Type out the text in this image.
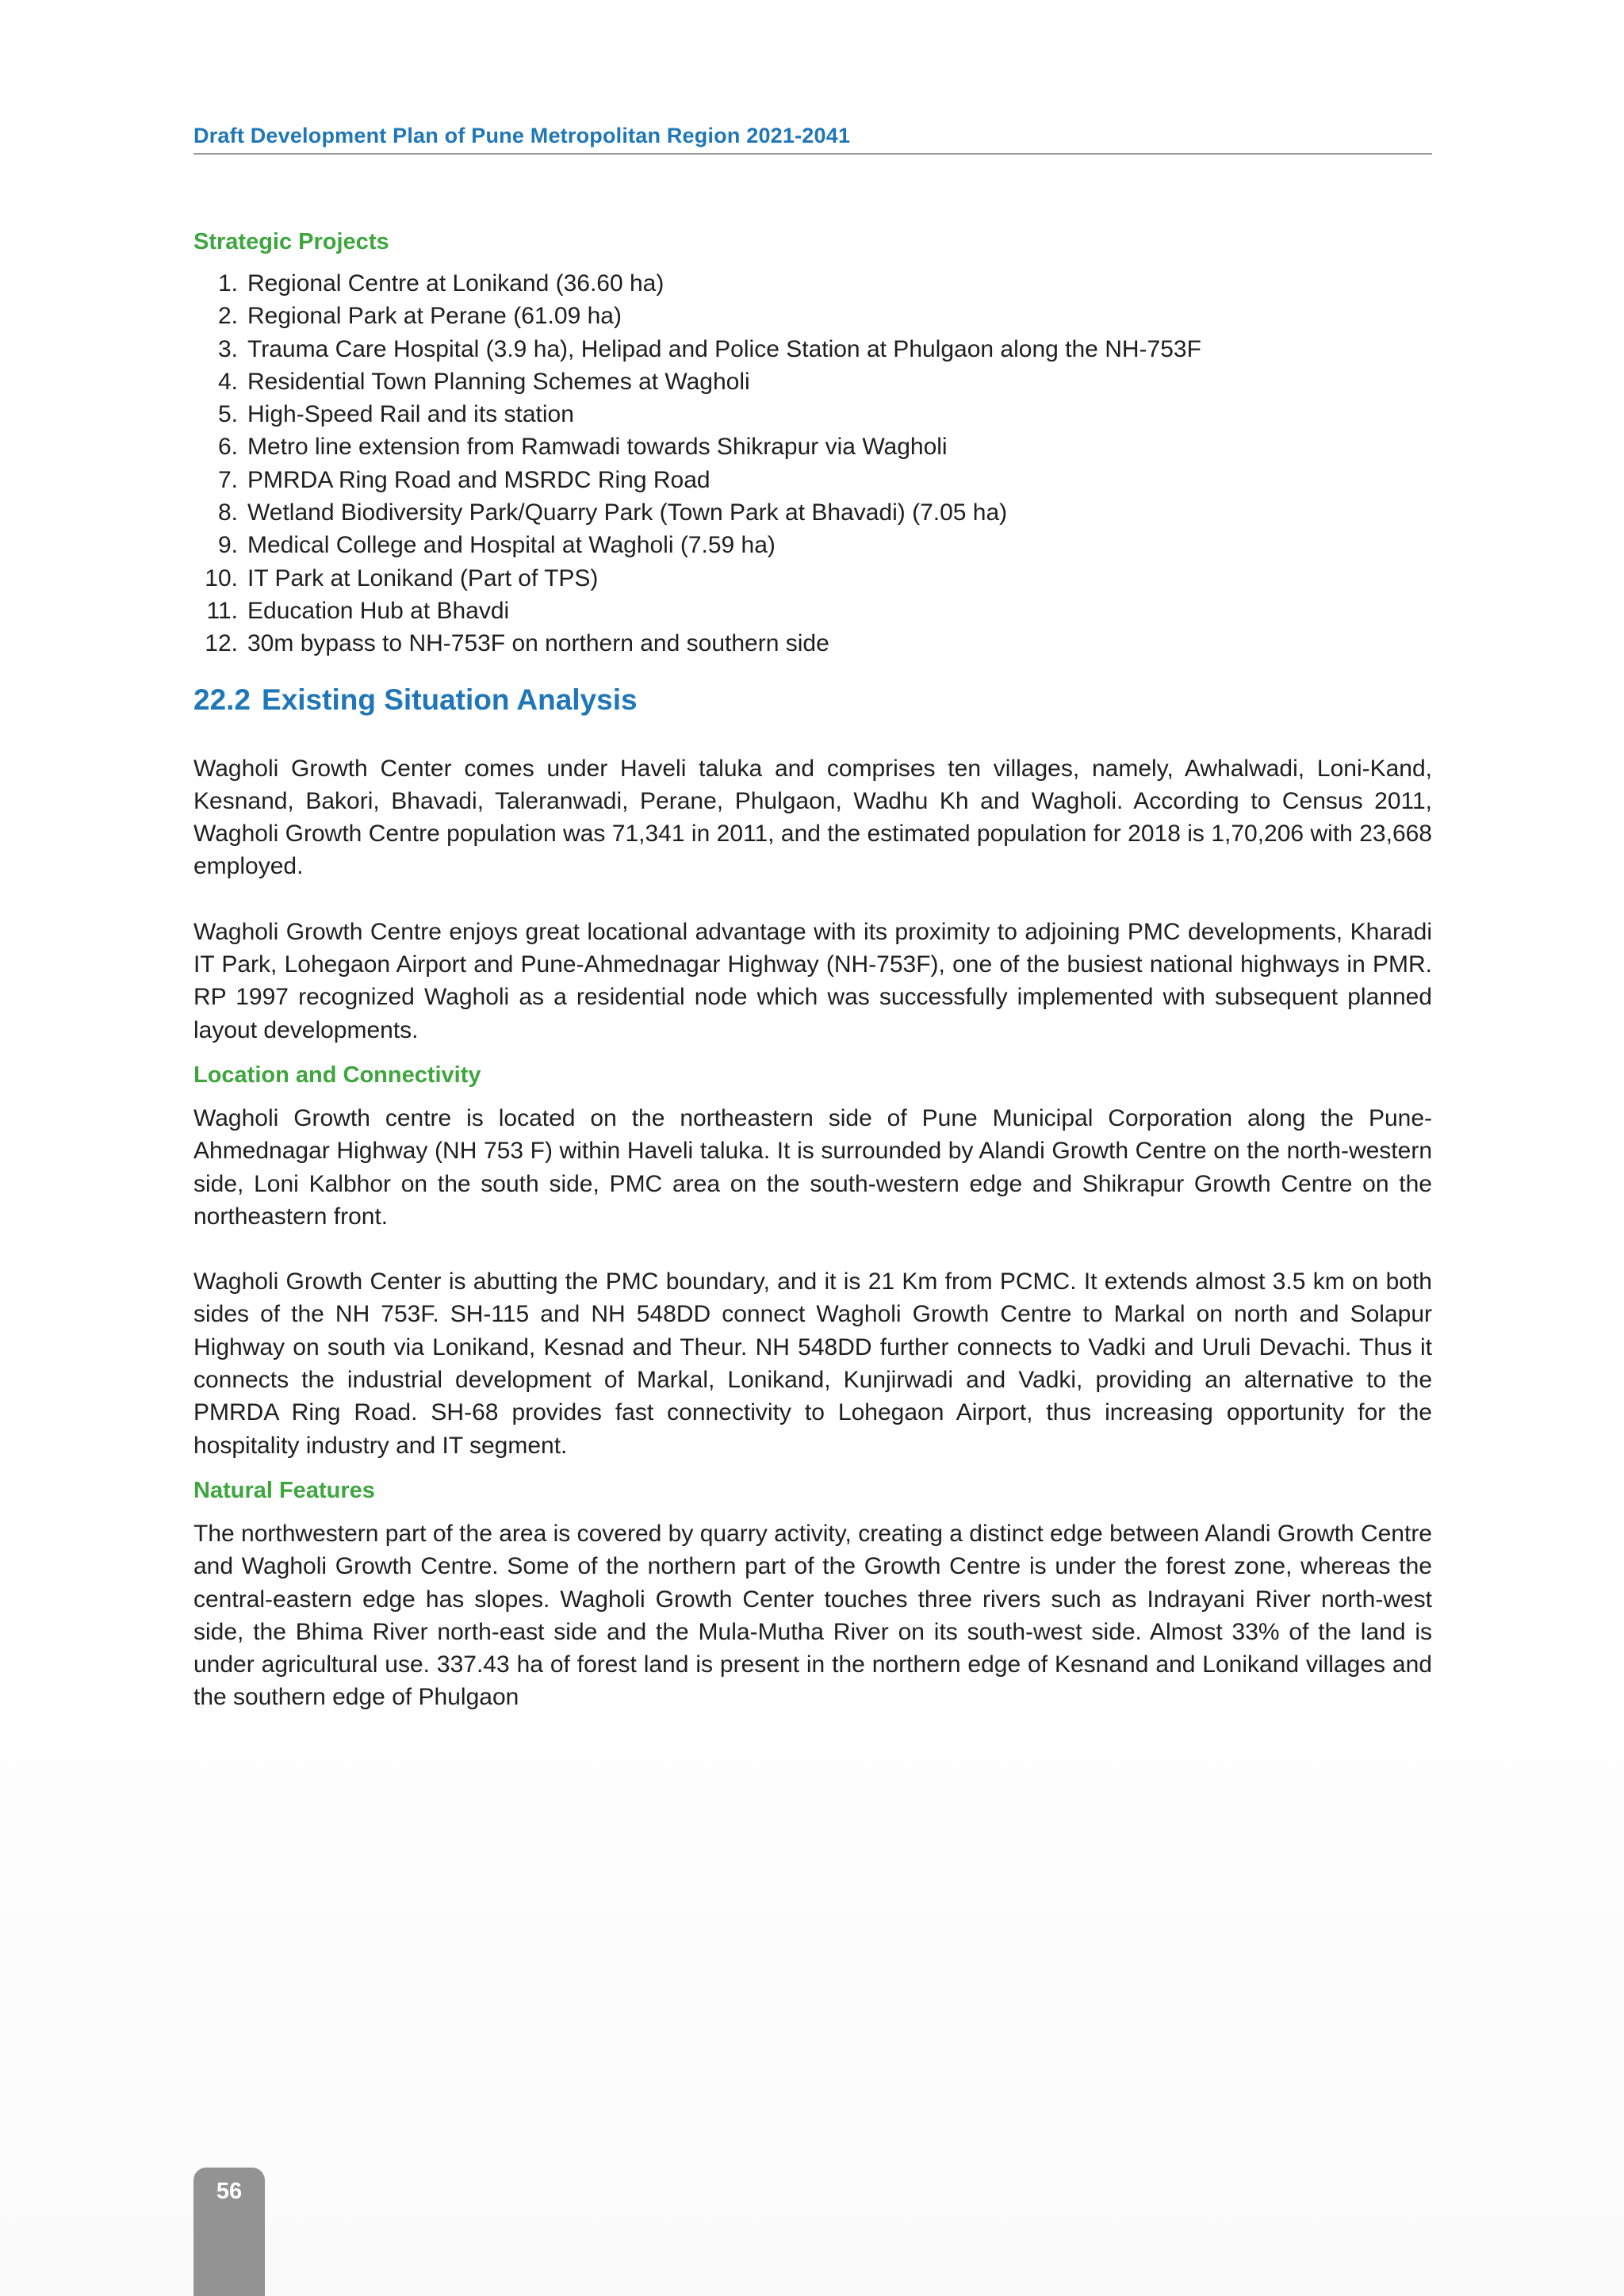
Draft Development Plan of Pune Metropolitan Region 2021-2041
Strategic Projects
1. Regional Centre at Lonikand (36.60 ha)
2. Regional Park at Perane (61.09 ha)
3. Trauma Care Hospital (3.9 ha), Helipad and Police Station at Phulgaon along the NH-753F
4. Residential Town Planning Schemes at Wagholi
5. High-Speed Rail and its station
6. Metro line extension from Ramwadi towards Shikrapur via Wagholi
7. PMRDA Ring Road and MSRDC Ring Road
8. Wetland Biodiversity Park/Quarry Park (Town Park at Bhavadi) (7.05 ha)
9. Medical College and Hospital at Wagholi (7.59 ha)
10. IT Park at Lonikand (Part of TPS)
11. Education Hub at Bhavdi
12. 30m bypass to NH-753F on northern and southern side
22.2 Existing Situation Analysis

Wagholi Growth Center comes under Haveli taluka and comprises ten villages, namely, Awhalwadi, Loni-Kand, Kesnand, Bakori, Bhavadi, Taleranwadi, Perane, Phulgaon, Wadhu Kh and Wagholi. According to Census 2011, Wagholi Growth Centre population was 71,341 in 2011, and the estimated population for 2018 is 1,70,206 with 23,668 employed.

Wagholi Growth Centre enjoys great locational advantage with its proximity to adjoining PMC developments, Kharadi IT Park, Lohegaon Airport and Pune-Ahmednagar Highway (NH-753F), one of the busiest national highways in PMR. RP 1997 recognized Wagholi as a residential node which was successfully implemented with subsequent planned layout developments.

Location and Connectivity

Wagholi Growth centre is located on the northeastern side of Pune Municipal Corporation along the Pune-Ahmednagar Highway (NH 753 F) within Haveli taluka. It is surrounded by Alandi Growth Centre on the north-western side, Loni Kalbhor on the south side, PMC area on the south-western edge and Shikrapur Growth Centre on the northeastern front.

Wagholi Growth Center is abutting the PMC boundary, and it is 21 Km from PCMC. It extends almost 3.5 km on both sides of the NH 753F. SH-115 and NH 548DD connect Wagholi Growth Centre to Markal on north and Solapur Highway on south via Lonikand, Kesnad and Theur. NH 548DD further connects to Vadki and Uruli Devachi. Thus it connects the industrial development of Markal, Lonikand, Kunjirwadi and Vadki, providing an alternative to the PMRDA Ring Road. SH-68 provides fast connectivity to Lohegaon Airport, thus increasing opportunity for the hospitality industry and IT segment.

Natural Features

The northwestern part of the area is covered by quarry activity, creating a distinct edge between Alandi Growth Centre and Wagholi Growth Centre. Some of the northern part of the Growth Centre is under the forest zone, whereas the central-eastern edge has slopes. Wagholi Growth Center touches three rivers such as Indrayani River north-west side, the Bhima River north-east side and the Mula-Mutha River on its south-west side. Almost 33% of the land is under agricultural use. 337.43 ha of forest land is present in the northern edge of Kesnand and Lonikand villages and the southern edge of Phulgaon

56
